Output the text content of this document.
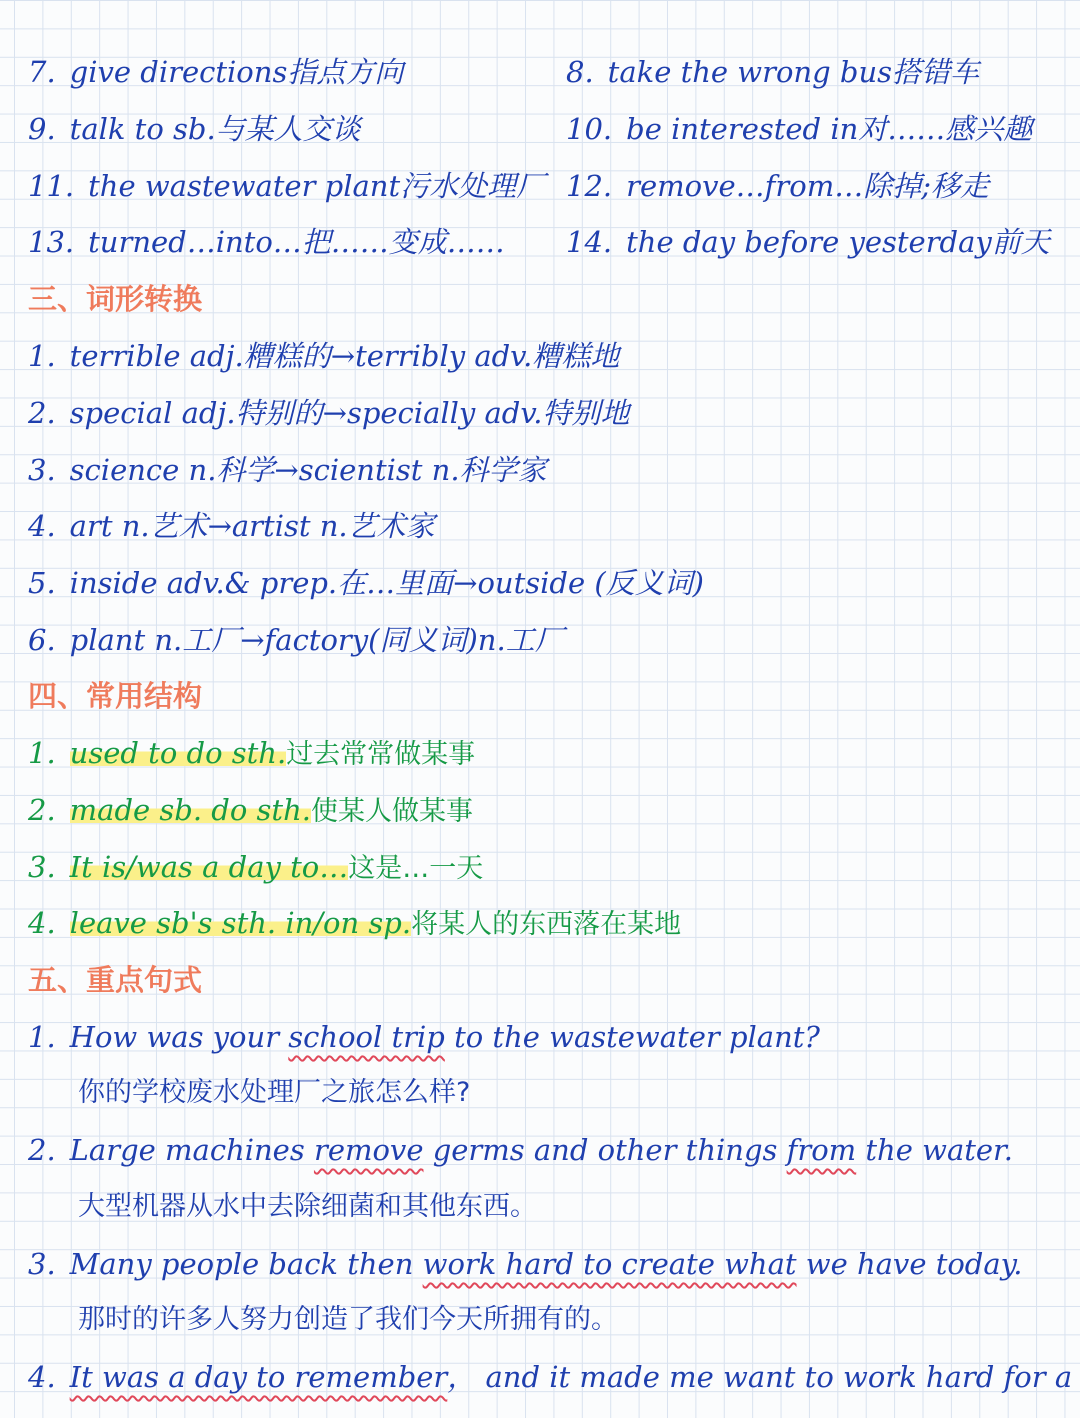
7. give directions指点方向	8. take the wrong bus搭错车
9. talk to sb.与某人交谈	10. be interested in对……感兴趣
11. the wastewater plant污水处理厂 12. remove…from…除掉;移走
13. turned…into…把……变成…… 14. the day before yesterday前天
三、词形转换
1. terrible adj.糟糕的→terribly adv.糟糕地
2. special adj.特别的→specially adv.特别地
3. science n.科学→scientist n.科学家
4. art n.艺术→artist n.艺术家
5. inside adv.& prep.在…里面→outside (反义词)
6. plant n.工厂→factory(同义词)n.工厂
四、常用结构
1. used to do sth.过去常常做某事
2. made sb. do sth.使某人做某事
3. It is/was a day to…这是…一天
4. leave sb's sth. in/on sp.将某人的东西落在某地
五、重点句式
1. How was your school trip to the wastewater plant?
你的学校废水处理厂之旅怎么样?
2. Large machines remove germs and other things from the water.
大型机器从水中去除细菌和其他东西。
3. Many people back then work hard to create what we have today.
那时的许多人努力创造了我们今天所拥有的。
4. It was a day to remember， and it made me want to work hard for a
